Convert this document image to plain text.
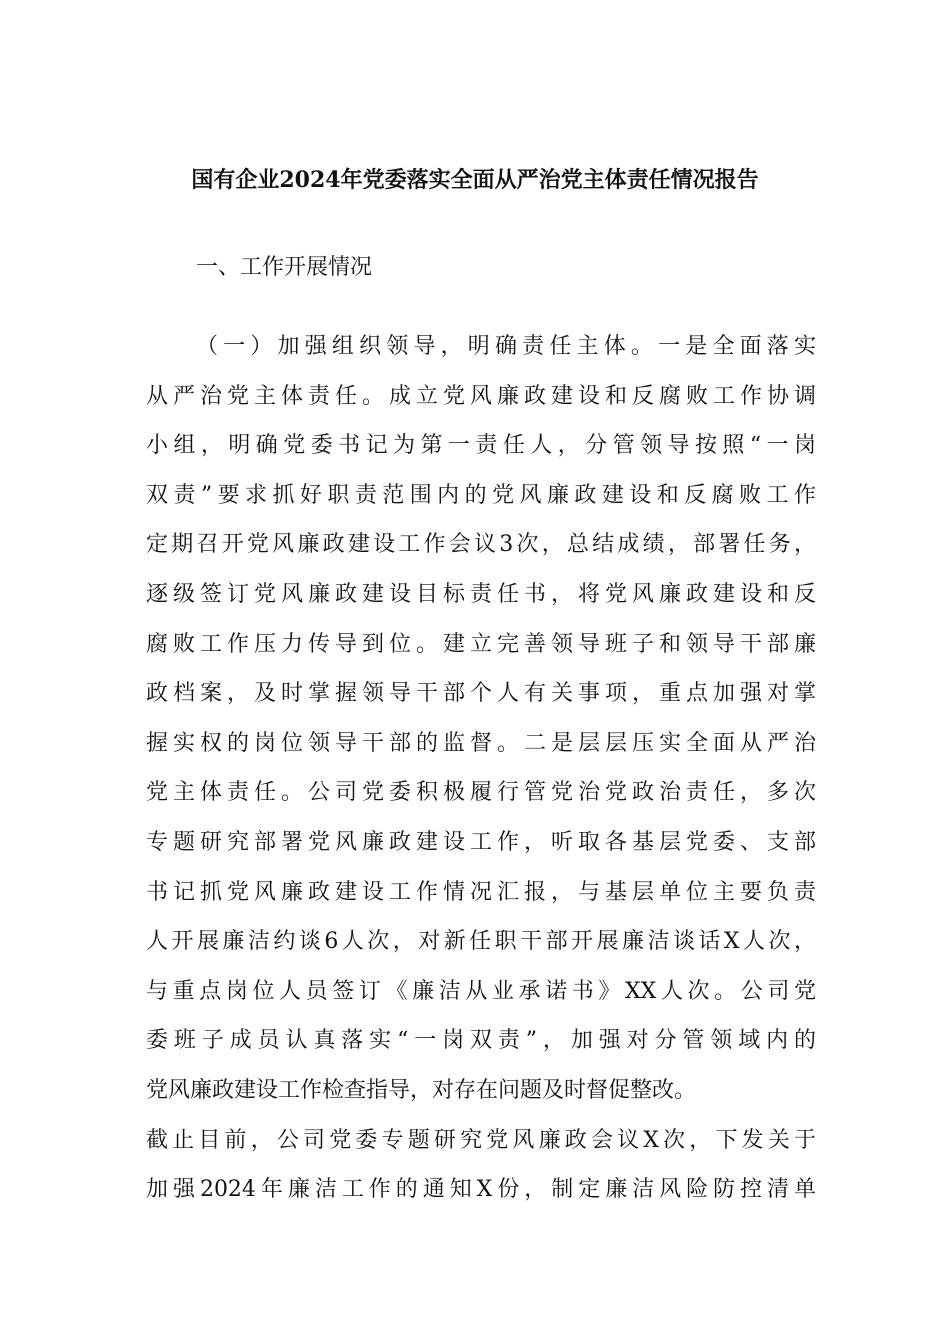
国有企业2024年党委落实全面从严治党主体责任情况报告
一、工作开展情况
（一）加强组织领导，明确责任主体。一是全面落实
从严治党主体责任。成立党风廉政建设和反腐败工作协调
小组，明确党委书记为第一责任人，分管领导按照“一岗
双责”要求抓好职责范围内的党风廉政建设和反腐败工作
定期召开党风廉政建设工作会议3次，总结成绩，部署任务，
逐级签订党风廉政建设目标责任书，将党风廉政建设和反
腐败工作压力传导到位。建立完善领导班子和领导干部廉
政档案，及时掌握领导干部个人有关事项，重点加强对掌
握实权的岗位领导干部的监督。二是层层压实全面从严治
党主体责任。公司党委积极履行管党治党政治责任，多次
专题研究部署党风廉政建设工作，听取各基层党委、支部
书记抓党风廉政建设工作情况汇报，与基层单位主要负责
人开展廉洁约谈6人次，对新任职干部开展廉洁谈话X人次，
与重点岗位人员签订《廉洁从业承诺书》XX人次。公司党
委班子成员认真落实“一岗双责”，加强对分管领域内的
党风廉政建设工作检查指导，对存在问题及时督促整改。
截止目前，公司党委专题研究党风廉政会议X次，下发关于
加强2024年廉洁工作的通知X份，制定廉洁风险防控清单
